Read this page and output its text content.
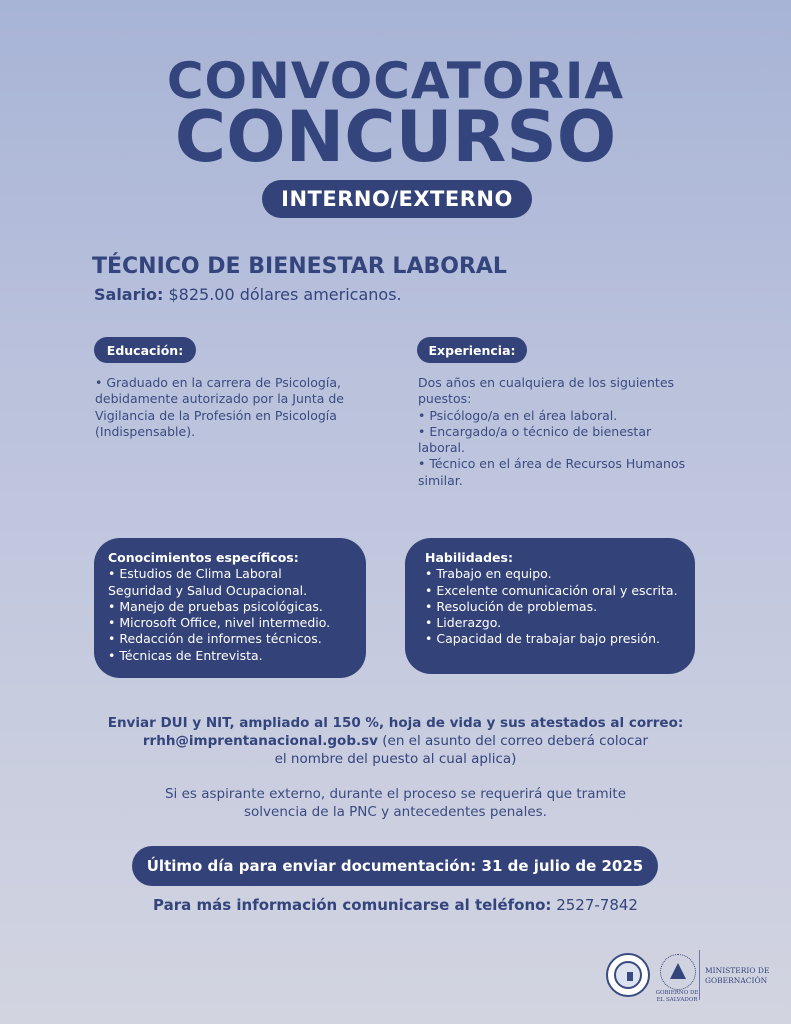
CONVOCATORIA
CONCURSO
INTERNO/EXTERNO
TÉCNICO DE BIENESTAR LABORAL
Salario: $825.00 dólares americanos.
Educación:	Experiencia:
• Graduado en la carrera de Psicología,
debidamente autorizado por la Junta de
Vigilancia de la Profesión en Psicología
(Indispensable).
Dos años en cualquiera de los siguientes
puestos:
• Psicólogo/a en el área laboral.
• Encargado/a o técnico de bienestar
laboral.
• Técnico en el área de Recursos Humanos
similar.
Conocimientos específicos:
• Estudios de Clima Laboral
Seguridad y Salud Ocupacional.
• Manejo de pruebas psicológicas.
• Microsoft Office, nivel intermedio.
• Redacción de informes técnicos.
• Técnicas de Entrevista.
Habilidades:
• Trabajo en equipo.
• Excelente comunicación oral y escrita.
• Resolución de problemas.
• Liderazgo.
• Capacidad de trabajar bajo presión.
Enviar DUI y NIT, ampliado al 150 %, hoja de vida y sus atestados al correo:
rrhh@imprentanacional.gob.sv (en el asunto del correo deberá colocar
el nombre del puesto al cual aplica)
Si es aspirante externo, durante el proceso se requerirá que tramite
solvencia de la PNC y antecedentes penales.
Último día para enviar documentación: 31 de julio de 2025
Para más información comunicarse al teléfono: 2527-7842
GOBIERNO DE
EL SALVADOR
MINISTERIO DE
GOBERNACIÓN
